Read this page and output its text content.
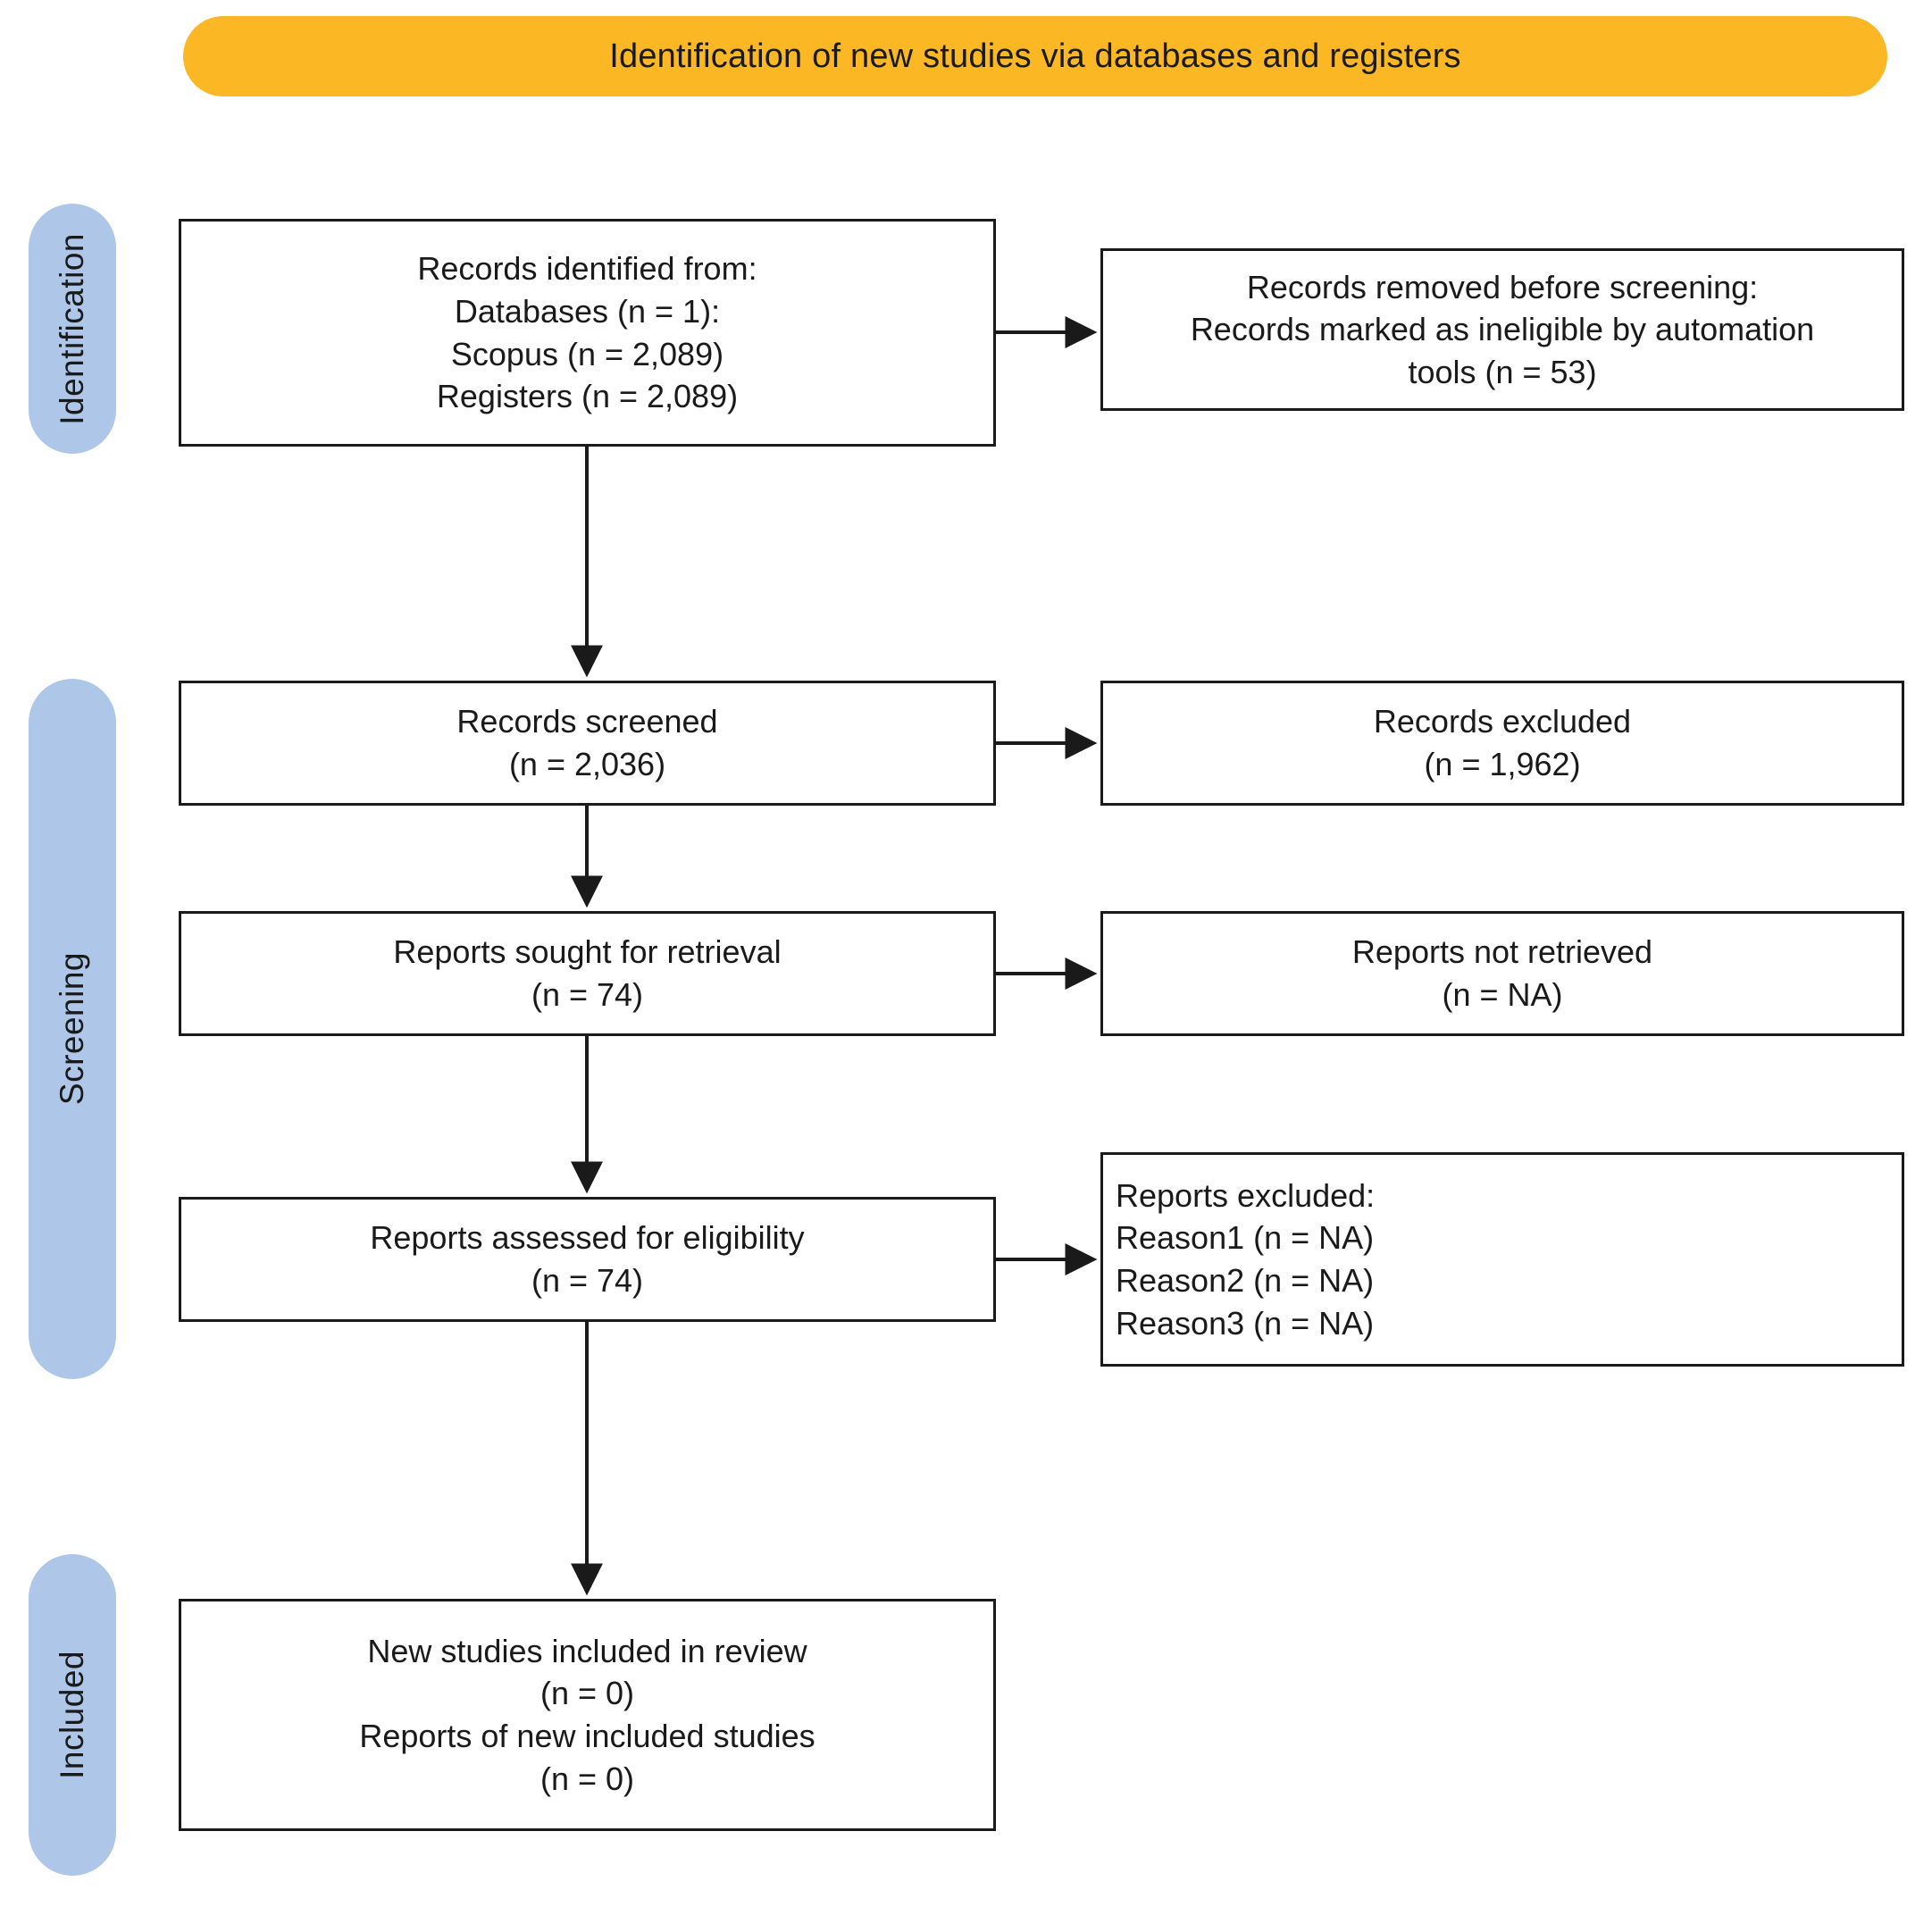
Identification of new studies via databases and registers
Identification
Screening
Included
Records identified from:
Databases (n = 1):
Scopus (n = 2,089)
Registers (n = 2,089)
Records removed before screening:
Records marked as ineligible by automation
tools (n = 53)
Records screened
(n = 2,036)
Records excluded
(n = 1,962)
Reports sought for retrieval
(n = 74)
Reports not retrieved
(n = NA)
Reports assessed for eligibility
(n = 74)
Reports excluded:
Reason1 (n = NA)
Reason2 (n = NA)
Reason3 (n = NA)
New studies included in review
(n = 0)
Reports of new included studies
(n = 0)
